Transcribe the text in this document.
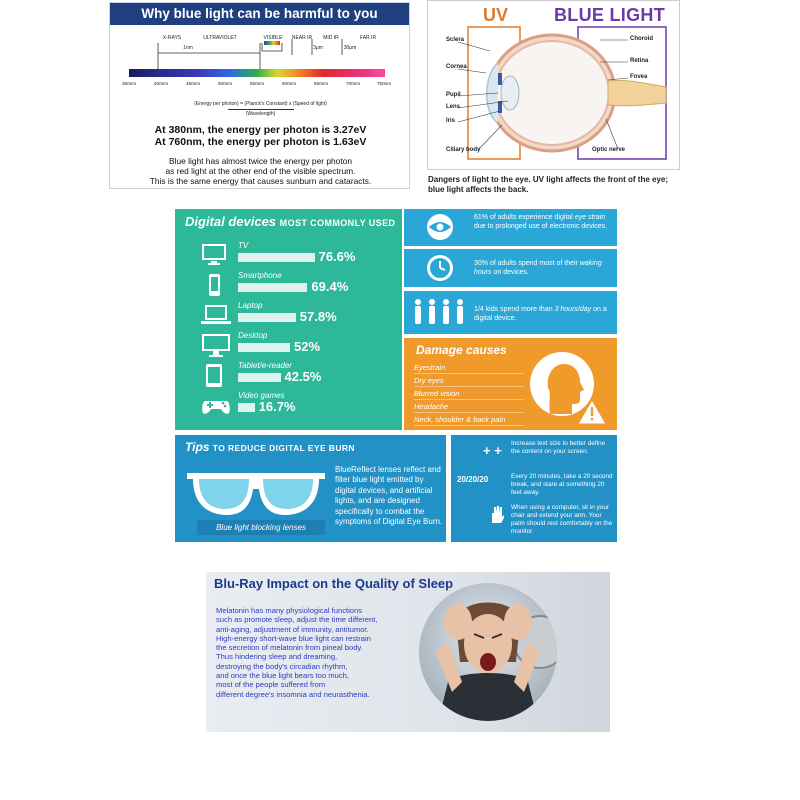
Why blue light can be harmful to you
X-RAYS	ULTRAVIOLET	VISIBLE	NEAR IR	MID IR	FAR IR
1nm	3μm	30μm
350nm	400nm	450nm	500nm	550nm	600nm	650nm	700nm	750nm
(Energy per photon) = (Planck's Constant) x (Speed of light)
(Wavelength)
At 380nm, the energy per photon is 3.27eV
At 760nm, the energy per photon is 1.63eV
Blue light has almost twice the energy per photon
as red light at the other end of the visible spectrum.
This is the same energy that causes sunburn and cataracts.
UV	BLUE LIGHT
Sclera
Cornea
Pupil
Lens
Iris
Ciliary body
Choroid
Retina
Fovea
Optic nerve
Dangers of light to the eye. UV light affects the front of the eye; blue light affects the back.
Digital devices MOST COMMONLY USED
TV
76.6%
Smartphone
69.4%
Laptop
57.8%
Desktop
52%
Tablet/e-reader
42.5%
Video games
16.7%
61% of adults experience digital eye strain due to prolonged use of electronic devices.
30% of adults spend most of their waking hours on devices.
1/4 kids spend more than 3 hours/day on a digital device.
Damage causes
Eyestrain
Dry eyes
Blurred vision
Headache
Neck, shoulder & back pain
Tips TO REDUCE DIGITAL EYE BURN
Blue light blocking lenses
BlueReflect lenses reflect and filter blue light emitted by digital devices, and artificial lights, and are designed specifically to combat the symptoms of Digital Eye Burn.
+ + Increase text size to better define the content on your screen.
20/20/20	Every 20 minutes, take a 20 second break, and stare at something 20 feet away.
When using a computer, sit in your chair and extend your arm. Your palm should rest comfortably on the monitor.
Blu-Ray Impact on the Quality of Sleep
Melatonin has many physiological functions
such as promote sleep, adjust the time different,
anti-aging, adjustment of immunity, antitumor.
High-energy short-wave blue light can restrain
the secretion of melatonin from pineal body.
Thus hindering sleep and dreaming,
destroying the body's circadian rhythm,
and once the blue light bears too much,
most of the people suffered from
different degree's insomnia and neurasthenia.
